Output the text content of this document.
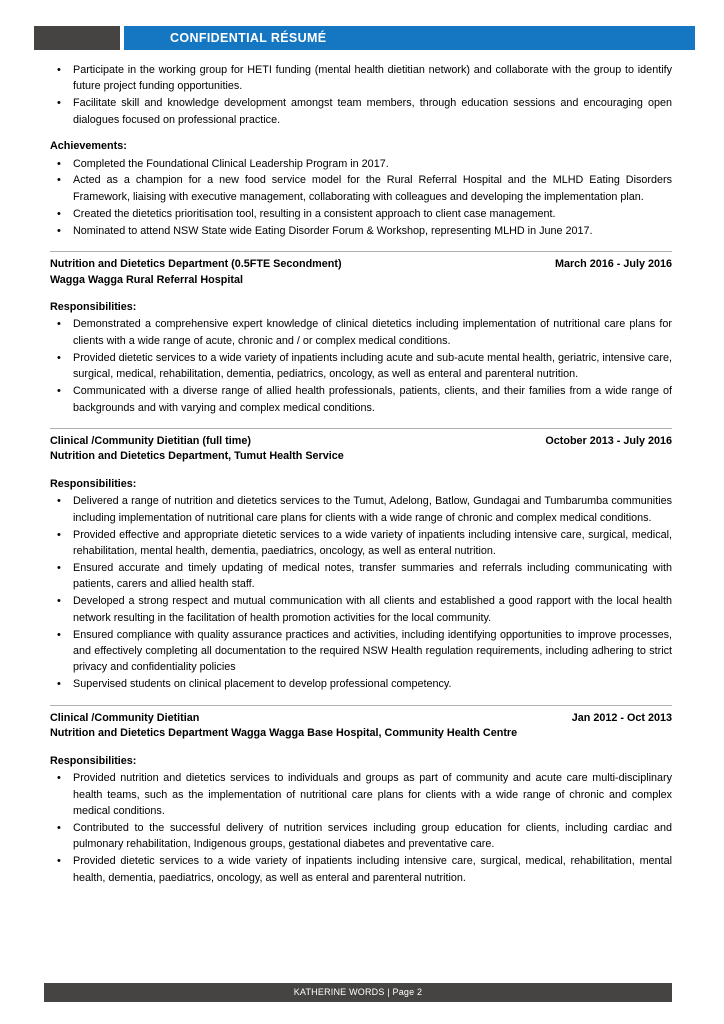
CONFIDENTIAL RÉSUMÉ
• Participate in the working group for HETI funding (mental health dietitian network) and collaborate with the group to identify future project funding opportunities.
• Facilitate skill and knowledge development amongst team members, through education sessions and encouraging open dialogues focused on professional practice.
Achievements:
• Completed the Foundational Clinical Leadership Program in 2017.
• Acted as a champion for a new food service model for the Rural Referral Hospital and the MLHD Eating Disorders Framework, liaising with executive management, collaborating with colleagues and developing the implementation plan.
• Created the dietetics prioritisation tool, resulting in a consistent approach to client case management.
• Nominated to attend NSW State wide Eating Disorder Forum & Workshop, representing MLHD in June 2017.
Nutrition and Dietetics Department (0.5FTE Secondment)	March 2016 - July 2016
Wagga Wagga Rural Referral Hospital
Responsibilities:
• Demonstrated a comprehensive expert knowledge of clinical dietetics including implementation of nutritional care plans for clients with a wide range of acute, chronic and / or complex medical conditions.
• Provided dietetic services to a wide variety of inpatients including acute and sub-acute mental health, geriatric, intensive care, surgical, medical, rehabilitation, dementia, pediatrics, oncology, as well as enteral and parenteral nutrition.
• Communicated with a diverse range of allied health professionals, patients, clients, and their families from a wide range of backgrounds and with varying and complex medical conditions.
Clinical /Community Dietitian (full time)	October 2013 - July 2016
Nutrition and Dietetics Department, Tumut Health Service
Responsibilities:
• Delivered a range of nutrition and dietetics services to the Tumut, Adelong, Batlow, Gundagai and Tumbarumba communities including implementation of nutritional care plans for clients with a wide range of chronic and complex medical conditions.
• Provided effective and appropriate dietetic services to a wide variety of inpatients including intensive care, surgical, medical, rehabilitation, mental health, dementia, paediatrics, oncology, as well as enteral nutrition.
• Ensured accurate and timely updating of medical notes, transfer summaries and referrals including communicating with patients, carers and allied health staff.
• Developed a strong respect and mutual communication with all clients and established a good rapport with the local health network resulting in the facilitation of health promotion activities for the local community.
• Ensured compliance with quality assurance practices and activities, including identifying opportunities to improve processes, and effectively completing all documentation to the required NSW Health regulation requirements, including adhering to strict privacy and confidentiality policies
• Supervised students on clinical placement to develop professional competency.
Clinical /Community Dietitian	Jan 2012 - Oct 2013
Nutrition and Dietetics Department Wagga Wagga Base Hospital, Community Health Centre
Responsibilities:
• Provided nutrition and dietetics services to individuals and groups as part of community and acute care multi-disciplinary health teams, such as the implementation of nutritional care plans for clients with a wide range of chronic and complex medical conditions.
• Contributed to the successful delivery of nutrition services including group education for clients, including cardiac and pulmonary rehabilitation, Indigenous groups, gestational diabetes and preventative care.
• Provided dietetic services to a wide variety of inpatients including intensive care, surgical, medical, rehabilitation, mental health, dementia, paediatrics, oncology, as well as enteral and parenteral nutrition.
KATHERINE WORDS | Page 2
